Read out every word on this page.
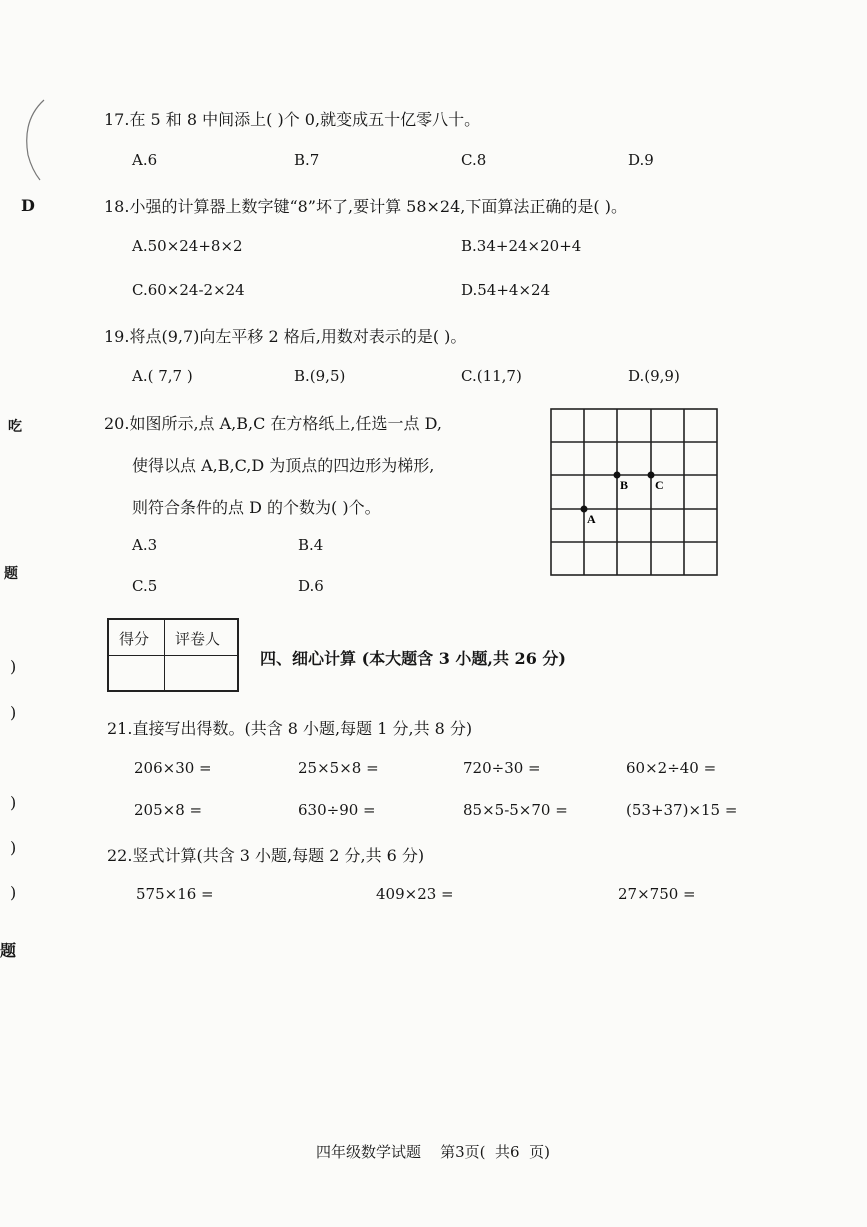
D
吃
题
)
)
)
)
)
题
17.在 5 和 8 中间添上( )个 0,就变成五十亿零八十。
A.6	B.7	C.8	D.9
18.小强的计算器上数字键“8”坏了,要计算 58×24,下面算法正确的是( )。
A.50×24+8×2	B.34+24×20+4
C.60×24-2×24	D.54+4×24
19.将点(9,7)向左平移 2 格后,用数对表示的是( )。
A.( 7,7 )	B.(9,5)	C.(11,7)	D.(9,9)
20.如图所示,点 A,B,C 在方格纸上,任选一点 D,
使得以点 A,B,C,D 为顶点的四边形为梯形,
则符合条件的点 D 的个数为( )个。
A.3	B.4
C.5	D.6
A
B C
得分 评卷人
四、细心计算 (本大题含 3 小题,共 26 分)
21.直接写出得数。(共含 8 小题,每题 1 分,共 8 分)
206×30 =	25×5×8 =	720÷30 =	60×2÷40 =
205×8 =	630÷90 =	85×5-5×70 =	(53+37)×15 =
22.竖式计算(共含 3 小题,每题 2 分,共 6 分)
575×16 =	409×23 =	27×750 =
四年级数学试题    第3页(  共6  页)
